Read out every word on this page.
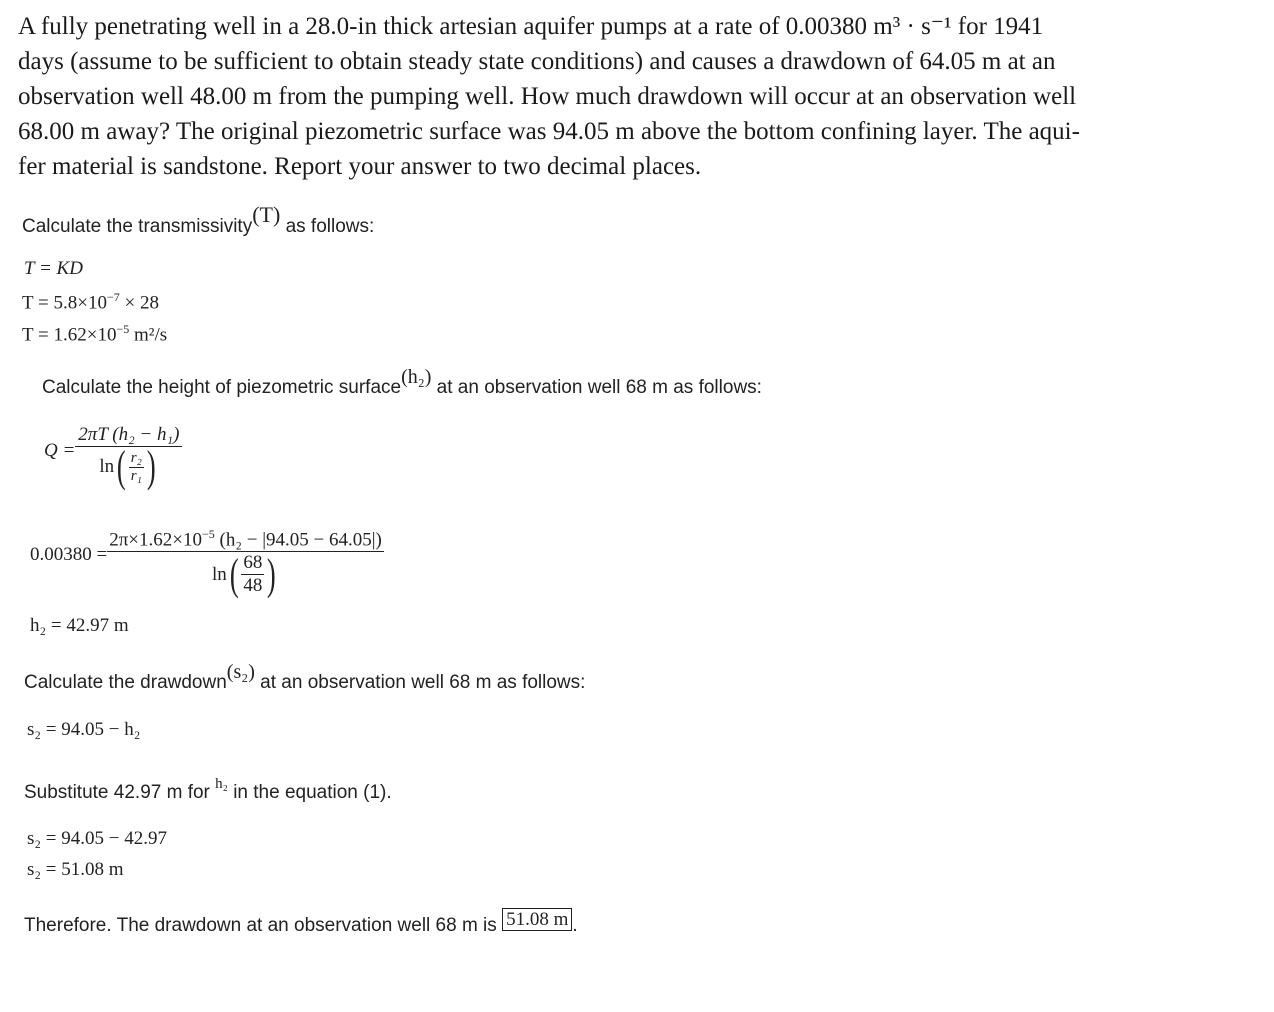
A fully penetrating well in a 28.0-in thick artesian aquifer pumps at a rate of 0.00380 m³ · s⁻¹ for 1941
days (assume to be sufficient to obtain steady state conditions) and causes a drawdown of 64.05 m at an
observation well 48.00 m from the pumping well. How much drawdown will occur at an observation well
68.00 m away? The original piezometric surface was 94.05 m above the bottom confining layer. The aqui-
fer material is sandstone. Report your answer to two decimal places.
Calculate the transmissivity(T) as follows:
T = KD
$T = 5.8\times 10^{-7} \times 28$
$T = 1.62\times 10^{-5}$ m²/s
Calculate the height of piezometric surface(h₂) at an observation well 68 m as follows:
$Q = \frac{\text{2πT (h₂ − h₁)}}{\ln ( \frac{\text{r₂}}{\text{r₁}} )}$
$0.00380 = \frac{2\pi\times 1.62\times 10^{-5} (h_2 - |94.05 - 64.05|)}{\ln ( \frac{68}{48} )}$
h₂ = 42.97 m
Calculate the drawdown(s₂) at an observation well 68 m as follows:
s₂ = 94.05 − h₂
Substitute 42.97 m for $^{h_2}$ in the equation (1).
s₂ = 94.05 − 42.97
s₂ = 51.08 m
Therefore. The drawdown at an observation well 68 m is 51.08 m .
